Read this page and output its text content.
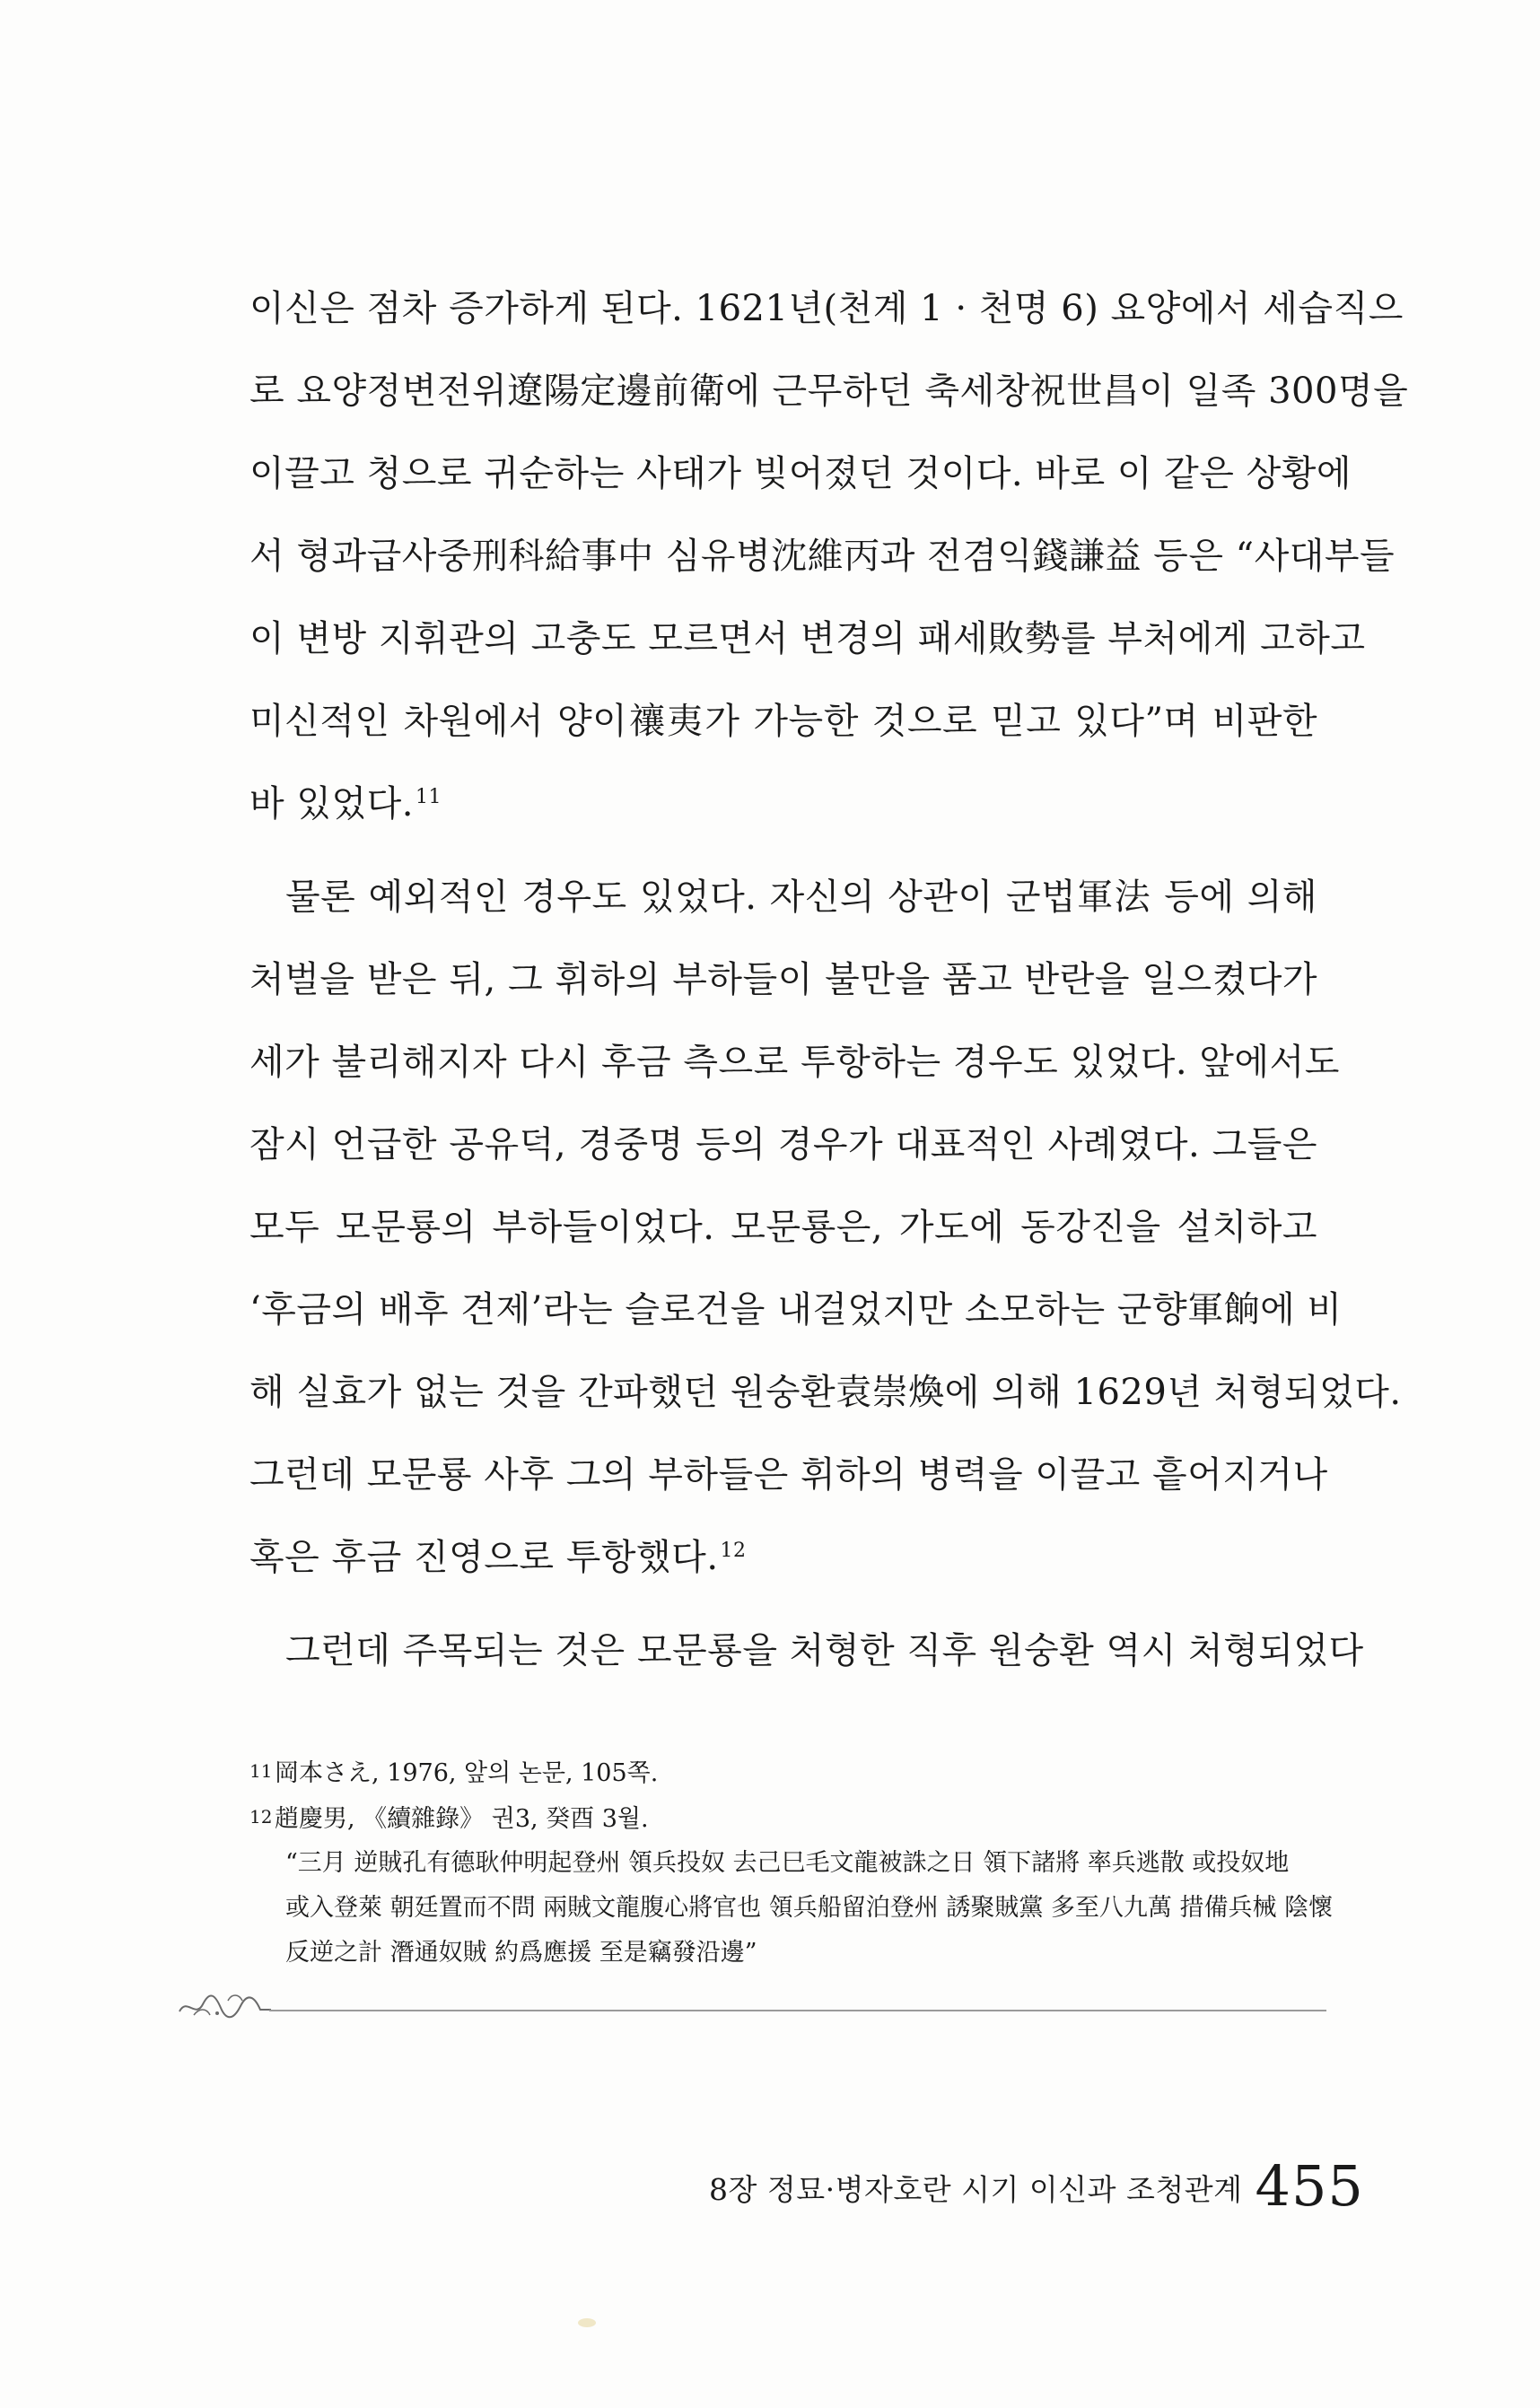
이신은 점차 증가하게 된다. 1621년(천계 1 · 천명 6) 요양에서 세습직으
로 요양정변전위遼陽定邊前衛에 근무하던 축세창祝世昌이 일족 300명을
이끌고 청으로 귀순하는 사태가 빚어졌던 것이다. 바로 이 같은 상황에
서 형과급사중刑科給事中 심유병沈維丙과 전겸익錢謙益 등은 “사대부들
이 변방 지휘관의 고충도 모르면서 변경의 패세敗勢를 부처에게 고하고
미신적인 차원에서 양이禳夷가 가능한 것으로 믿고 있다”며 비판한
바 있었다.$^{11}$

물론 예외적인 경우도 있었다. 자신의 상관이 군법軍法 등에 의해
처벌을 받은 뒤, 그 휘하의 부하들이 불만을 품고 반란을 일으켰다가
세가 불리해지자 다시 후금 측으로 투항하는 경우도 있었다. 앞에서도
잠시 언급한 공유덕, 경중명 등의 경우가 대표적인 사례였다. 그들은
모두 모문룡의 부하들이었다. 모문룡은, 가도에 동강진을 설치하고
‘후금의 배후 견제’라는 슬로건을 내걸었지만 소모하는 군향軍餉에 비
해 실효가 없는 것을 간파했던 원숭환袁崇煥에 의해 1629년 처형되었다.
그런데 모문룡 사후 그의 부하들은 휘하의 병력을 이끌고 흩어지거나
혹은 후금 진영으로 투항했다.$^{12}$

그런데 주목되는 것은 모문룡을 처형한 직후 원숭환 역시 처형되었다

11岡本さえ, 1976, 앞의 논문, 105쪽.
12趙慶男, 《續雜錄》 권3, 癸酉 3월.
“三月 逆賊孔有德耿仲明起登州 領兵投奴 去己巳毛文龍被誅之日 領下諸將 率兵逃散 或投奴地
或入登萊 朝廷置而不問 兩賊文龍腹心將官也 領兵船留泊登州 誘聚賊黨 多至八九萬 措備兵械 陰懷
反逆之計 潛通奴賊 約爲應援 至是竊發沿邊”
8장 정묘·병자호란 시기 이신과 조청관계 455
